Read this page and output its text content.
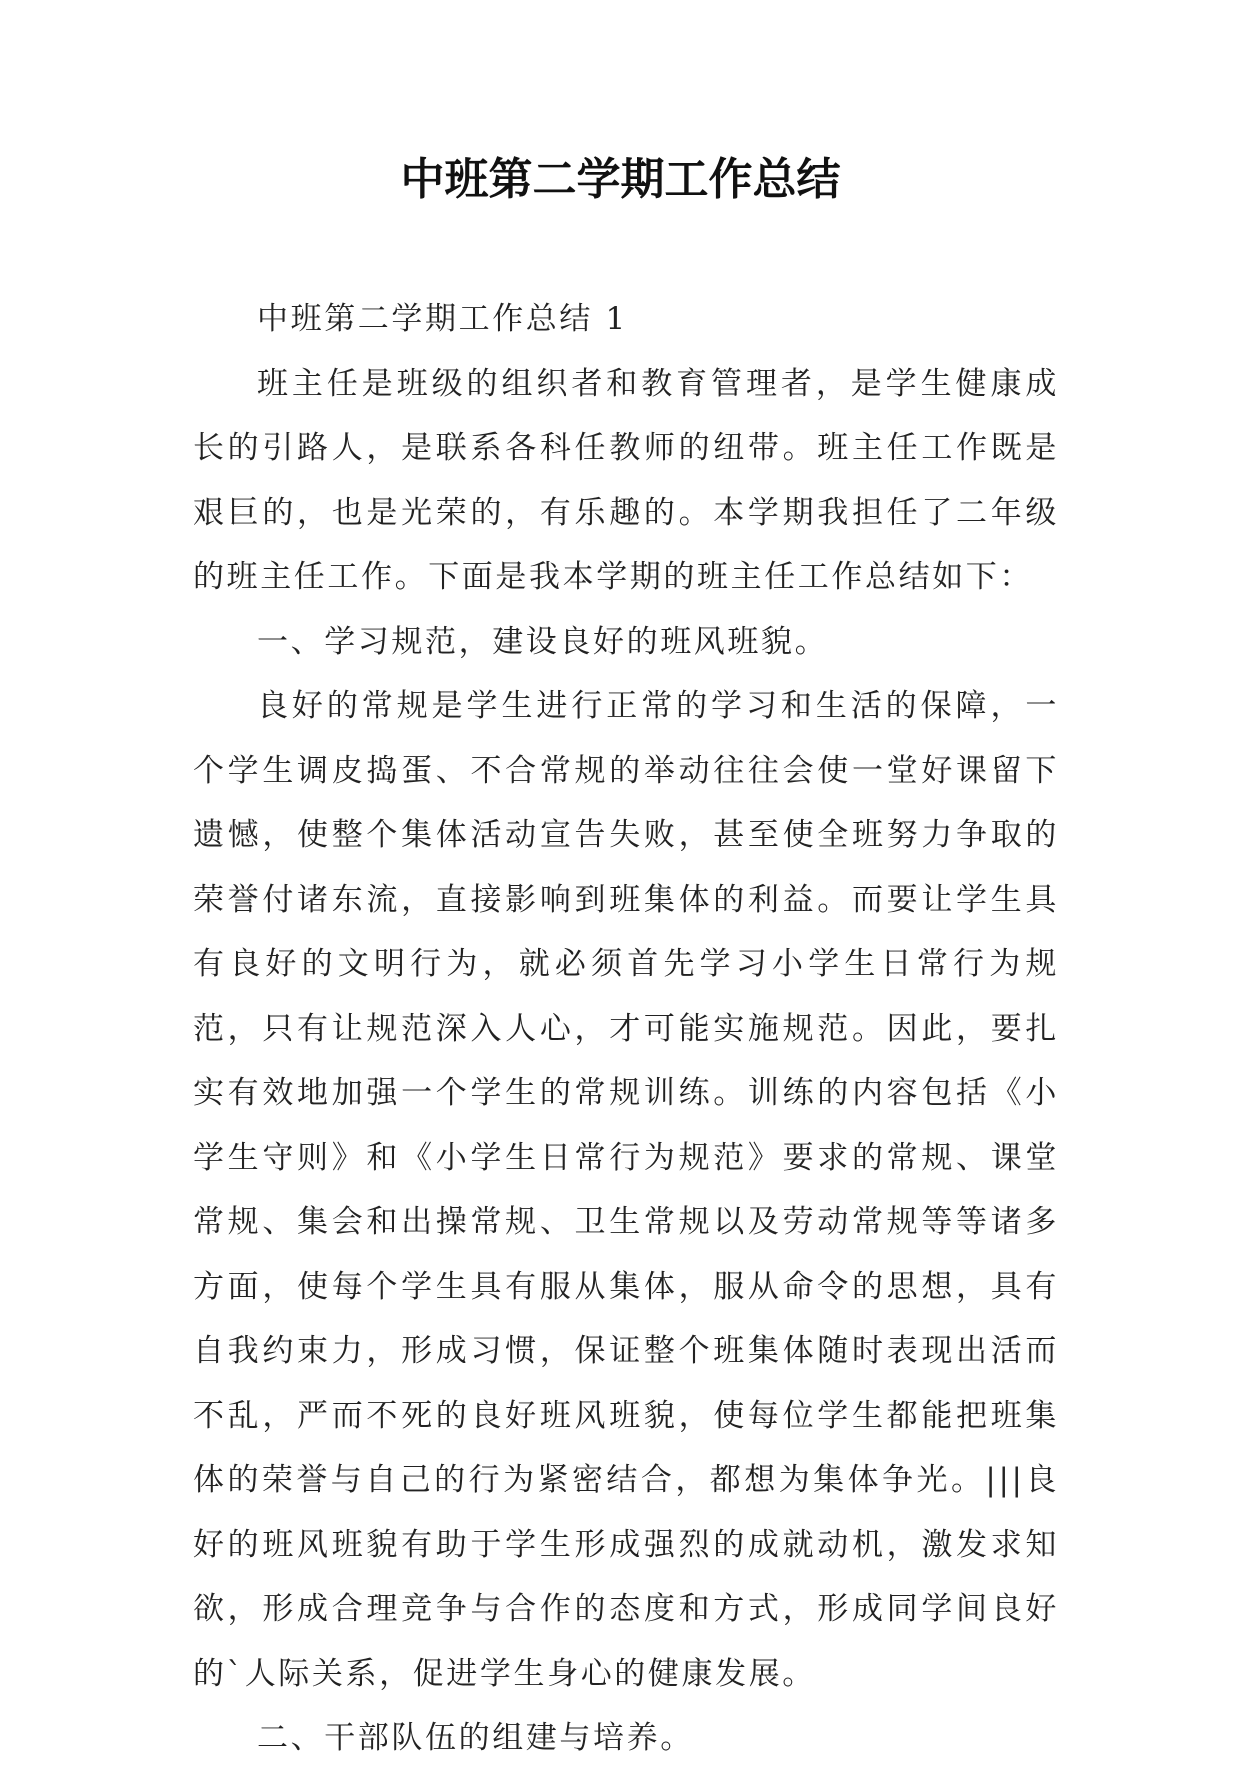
中班第二学期工作总结

中班第二学期工作总结 1

班主任是班级的组织者和教育管理者，是学生健康成长的引路人，是联系各科任教师的纽带。班主任工作既是艰巨的，也是光荣的，有乐趣的。本学期我担任了二年级的班主任工作。下面是我本学期的班主任工作总结如下：

一、学习规范，建设良好的班风班貌。

良好的常规是学生进行正常的学习和生活的保障，一个学生调皮捣蛋、不合常规的举动往往会使一堂好课留下遗憾，使整个集体活动宣告失败，甚至使全班努力争取的荣誉付诸东流，直接影响到班集体的利益。而要让学生具有良好的文明行为，就必须首先学习小学生日常行为规范，只有让规范深入人心，才可能实施规范。因此，要扎实有效地加强一个学生的常规训练。训练的内容包括《小学生守则》和《小学生日常行为规范》要求的常规、课堂常规、集会和出操常规、卫生常规以及劳动常规等等诸多方面，使每个学生具有服从集体，服从命令的思想，具有自我约束力，形成习惯，保证整个班集体随时表现出活而不乱，严而不死的良好班风班貌，使每位学生都能把班集体的荣誉与自己的行为紧密结合，都想为集体争光。|||良好的班风班貌有助于学生形成强烈的成就动机，激发求知欲，形成合理竞争与合作的态度和方式，形成同学间良好的`人际关系，促进学生身心的健康发展。

二、干部队伍的组建与培养。
